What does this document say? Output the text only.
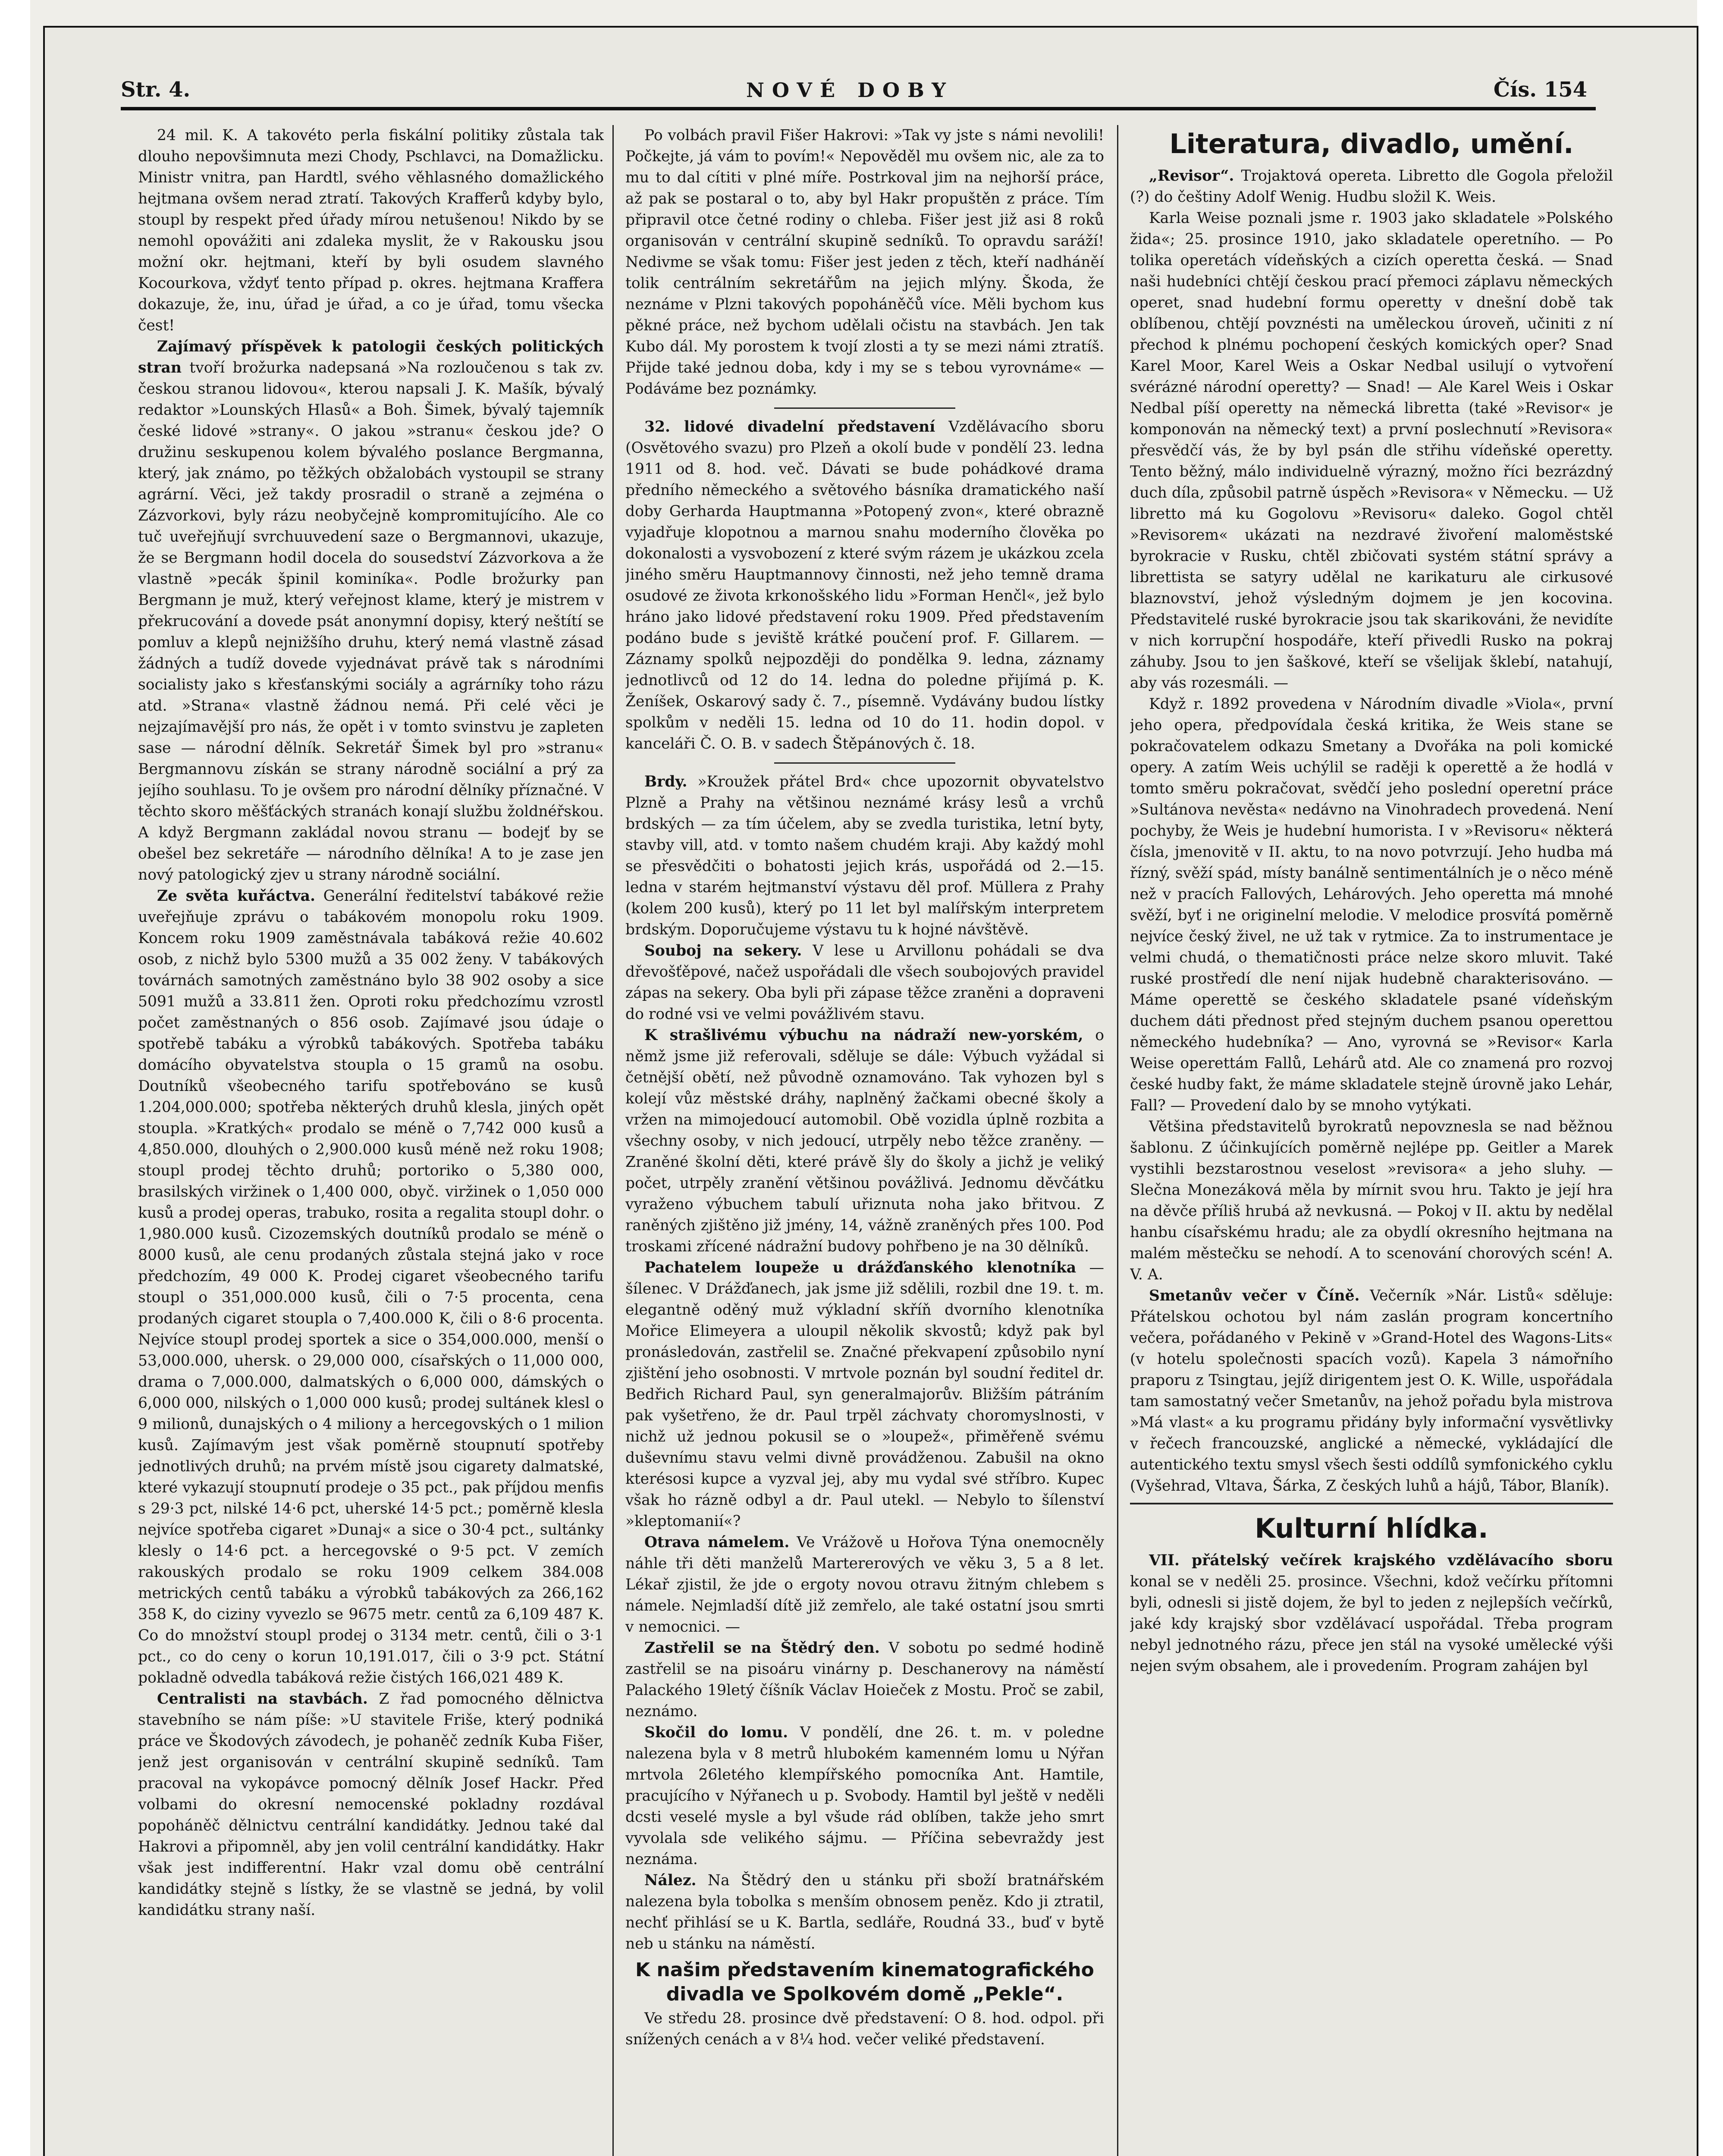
Str. 4.	NOVÉ DOBY	Čís. 154

24 mil. K. A takovéto perla fiskální politiky zůstala tak dlouho nepovšimnuta mezi Chody, Pschlavci, na Domažlicku. Ministr vnitra, pan Hardtl, svého věhlasného domažlického hejtmana ovšem nerad ztratí. Takových Krafferů kdyby bylo, stoupl by respekt před úřady mírou netušenou! Nikdo by se nemohl opovážiti ani zdaleka myslit, že v Rakousku jsou možní okr. hejtmani, kteří by byli osudem slavného Kocourkova, vždyť tento případ p. okres. hejtmana Kraffera dokazuje, že, inu, úřad je úřad, a co je úřad, tomu všecka čest!

Zajímavý příspěvek k patologii českých politických stran tvoří brožurka nadepsaná »Na rozloučenou s tak zv. českou stranou lidovou«, kterou napsali J. K. Mašík, bývalý redaktor »Lounských Hlasů« a Boh. Šimek, bývalý tajemník české lidové »strany«. O jakou »stranu« českou jde? O družinu seskupenou kolem bývalého poslance Bergmanna, který, jak známo, po těžkých obžalobách vystoupil se strany agrární. Věci, jež takdy prosradil o straně a zejména o Zázvorkovi, byly rázu neobyčejně kompromitujícího. Ale co tuč uveřejňují svrchuuvedení saze o Bergmannovi, ukazuje, že se Bergmann hodil docela do sousedství Zázvorkova a že vlastně »pecák špinil kominíka«. Podle brožurky pan Bergmann je muž, který veřejnost klame, který je mistrem v překrucování a dovede psát anonymní dopisy, který neštítí se pomluv a klepů nejnižšího druhu, který nemá vlastně zásad žádných a tudíž dovede vyjednávat právě tak s národními socialisty jako s křesťanskými sociály a agrárníky toho rázu atd. »Strana« vlastně žádnou nemá. Při celé věci je nejzajímavější pro nás, že opět i v tomto svinstvu je zapleten sase — národní dělník. Sekretář Šimek byl pro »stranu« Bergmannovu získán se strany národně sociální a prý za jejího souhlasu. To je ovšem pro národní dělníky příznačné. V těchto skoro měšťáckých stranách konají službu žoldnéřskou. A když Bergmann zakládal novou stranu — bodejť by se obešel bez sekretáře — národního dělníka! A to je zase jen nový patologický zjev u strany národně sociální.

Ze světa kuřáctva. Generální ředitelství tabákové režie uveřejňuje zprávu o tabákovém monopolu roku 1909. Koncem roku 1909 zaměstnávala tabáková režie 40.602 osob, z nichž bylo 5300 mužů a 35 002 ženy. V tabákových továrnách samotných zaměstnáno bylo 38 902 osoby a sice 5091 mužů a 33.811 žen. Oproti roku předchozímu vzrostl počet zaměstnaných o 856 osob. Zajímavé jsou údaje o spotřebě tabáku a výrobků tabákových. Spotřeba tabáku domácího obyvatelstva stoupla o 15 gramů na osobu. Doutníků všeobecného tarifu spotřebováno se kusů 1.204,000.000; spotřeba některých druhů klesla, jiných opět stoupla. »Kratkých« prodalo se méně o 7,742 000 kusů a 4,850.000, dlouhých o 2,900.000 kusů méně než roku 1908; stoupl prodej těchto druhů; portoriko o 5,380 000, brasilských viržinek o 1,400 000, obyč. viržinek o 1,050 000 kusů a prodej operas, trabuko, rosita a regalita stoupl dohr. o 1,980.000 kusů. Cizozemských doutníků prodalo se méně o 8000 kusů, ale cenu prodaných zůstala stejná jako v roce předchozím, 49 000 K. Prodej cigaret všeobecného tarifu stoupl o 351,000.000 kusů, čili o 7·5 procenta, cena prodaných cigaret stoupla o 7,400.000 K, čili o 8·6 procenta. Nejvíce stoupl prodej sportek a sice o 354,000.000, menší o 53,000.000, uhersk. o 29,000 000, císařských o 11,000 000, drama o 7,000.000, dalmatských o 6,000 000, dámských o 6,000 000, nilských o 1,000 000 kusů; prodej sultánek klesl o 9 milionů, dunajských o 4 miliony a hercegovských o 1 milion kusů. Zajímavým jest však poměrně stoupnutí spotřeby jednotlivých druhů; na prvém místě jsou cigarety dalmatské, které vykazují stoupnutí prodeje o 35 pct., pak příjdou menfis s 29·3 pct, nilské 14·6 pct, uherské 14·5 pct.; poměrně klesla nejvíce spotřeba cigaret »Dunaj« a sice o 30·4 pct., sultánky klesly o 14·6 pct. a hercegovské o 9·5 pct. V zemích rakouských prodalo se roku 1909 celkem 384.008 metrických centů tabáku a výrobků tabákových za 266,162 358 K, do ciziny vyvezlo se 9675 metr. centů za 6,109 487 K. Co do množství stoupl prodej o 3134 metr. centů, čili o 3·1 pct., co do ceny o korun 10,191.017, čili o 3·9 pct. Státní pokladně odvedla tabáková režie čistých 166,021 489 K.

Centralisti na stavbách. Z řad pomocného dělnictva stavebního se nám píše: »U stavitele Friše, který podniká práce ve Škodových závodech, je pohaněč zedník Kuba Fišer, jenž jest organisován v centrální skupině sedníků. Tam pracoval na vykopávce pomocný dělník Josef Hackr. Před volbami do okresní nemocenské pokladny rozdával popoháněč dělnictvu centrální kandidátky. Jednou také dal Hakrovi a připomněl, aby jen volil centrální kandidátky. Hakr však jest indifferentní. Hakr vzal domu obě centrální kandidátky stejně s lístky, že se vlastně se jedná, by volil kandidátku strany naší.

Po volbách pravil Fišer Hakrovi: »Tak vy jste s námi nevolili! Počkejte, já vám to povím!« Nepověděl mu ovšem nic, ale za to mu to dal cítiti v plné míře. Postrkoval jim na nejhorší práce, až pak se postaral o to, aby byl Hakr propuštěn z práce. Tím připravil otce četné rodiny o chleba. Fišer jest již asi 8 roků organisován v centrální skupině sedníků. To opravdu saráží! Nedivme se však tomu: Fišer jest jeden z těch, kteří nadháněí tolik centrálním sekretářům na jejich mlýny. Škoda, že neznáme v Plzni takových popoháněčů více. Měli bychom kus pěkné práce, než bychom udělali očistu na stavbách. Jen tak Kubo dál. My porostem k tvojí zlosti a ty se mezi námi ztratíš. Přijde také jednou doba, kdy i my se s tebou vyrovnáme« — Podáváme bez poznámky.

32. lidové divadelní představení Vzdělávacího sboru (Osvětového svazu) pro Plzeň a okolí bude v pondělí 23. ledna 1911 od 8. hod. več. Dávati se bude pohádkové drama předního německého a světového básníka dramatického naší doby Gerharda Hauptmanna »Potopený zvon«, které obrazně vyjadřuje klopotnou a marnou snahu moderního člověka po dokonalosti a vysvobození z které svým rázem je ukázkou zcela jiného směru Hauptmannovy činnosti, než jeho temně drama osudové ze života krkonošského lidu »Forman Henčl«, jež bylo hráno jako lidové představení roku 1909. Před představením podáno bude s jeviště krátké poučení prof. F. Gillarem. — Záznamy spolků nejpozději do pondělka 9. ledna, záznamy jednotlivců od 12 do 14. ledna do poledne přijímá p. K. Ženíšek, Oskarový sady č. 7., písemně. Vydávány budou lístky spolkům v neděli 15. ledna od 10 do 11. hodin dopol. v kanceláři Č. O. B. v sadech Štěpánových č. 18.

Brdy. »Kroužek přátel Brd« chce upozornit obyvatelstvo Plzně a Prahy na většinou neznámé krásy lesů a vrchů brdských — za tím účelem, aby se zvedla turistika, letní byty, stavby vill, atd. v tomto našem chudém kraji. Aby každý mohl se přesvědčiti o bohatosti jejich krás, uspořádá od 2.—15. ledna v starém hejtmanství výstavu děl prof. Müllera z Prahy (kolem 200 kusů), který po 11 let byl malířským interpretem brdským. Doporučujeme výstavu tu k hojné návštěvě.

Souboj na sekery. V lese u Arvillonu pohádali se dva dřevošťěpové, načež uspořádali dle všech soubojových pravidel zápas na sekery. Oba byli při zápase těžce zraněni a dopraveni do rodné vsi ve velmi povážlivém stavu.

K strašlivému výbuchu na nádraží new-yorském, o němž jsme již referovali, sděluje se dále: Výbuch vyžádal si četnější obětí, než původně oznamováno. Tak vyhozen byl s kolejí vůz městské dráhy, naplněný žačkami obecné školy a vržen na mimojedoucí automobil. Obě vozidla úplně rozbita a všechny osoby, v nich jedoucí, utrpěly nebo těžce zraněny. — Zraněné školní děti, které právě šly do školy a jichž je veliký počet, utrpěly zranění většinou povážlivá. Jednomu děvčátku vyraženo výbuchem tabulí uřiznuta noha jako břitvou. Z raněných zjištěno již jmény, 14, vážně zraněných přes 100. Pod troskami zřícené nádražní budovy pohřbeno je na 30 dělníků.

Pachatelem loupeže u drážďanského klenotníka — šílenec. V Drážďanech, jak jsme již sdělili, rozbil dne 19. t. m. elegantně oděný muž výkladní skříň dvorního klenotníka Mořice Elimeyera a uloupil několik skvostů; když pak byl pronásledován, zastřelil se. Značné překvapení způsobilo nyní zjištění jeho osobnosti. V mrtvole poznán byl soudní ředitel dr. Bedřich Richard Paul, syn generalmajorův. Bližším pátráním pak vyšetřeno, že dr. Paul trpěl záchvaty choromyslnosti, v nichž už jednou pokusil se o »loupež«, přiměřeně svému duševnímu stavu velmi divně provádženou. Zabušil na okno kterésosi kupce a vyzval jej, aby mu vydal své stříbro. Kupec však ho rázně odbyl a dr. Paul utekl. — Nebylo to šílenství »kleptomanií«?

Otrava námelem. Ve Vrážově u Hořova Týna onemocněly náhle tři děti manželů Martererových ve věku 3, 5 a 8 let. Lékař zjistil, že jde o ergoty novou otravu žitným chlebem s námele. Nejmladší dítě již zemřelo, ale také ostatní jsou smrti v nemocnici. —

Zastřelil se na Štědrý den. V sobotu po sedmé hodině zastřelil se na pisoáru vinárny p. Deschanerovy na náměstí Palackého 19letý číšník Václav Hoieček z Mostu. Proč se zabil, neznámo.

Skočil do lomu. V pondělí, dne 26. t. m. v poledne nalezena byla v 8 metrů hlubokém kamenném lomu u Nýřan mrtvola 26letého klempířského pomocníka Ant. Hamtile, pracujícího v Nýřanech u p. Svobody. Hamtil byl ještě v neděli dcsti veselé mysle a byl všude rád oblíben, takže jeho smrt vyvolala sde velikého sájmu. — Příčina sebevraždy jest neznáma.

Nález. Na Štědrý den u stánku při sboží bratnářském nalezena byla tobolka s menším obnosem peněz. Kdo ji ztratil, nechť přihlásí se u K. Bartla, sedláře, Roudná 33., buď v bytě neb u stánku na náměstí.

K našim představením kinematografického divadla ve Spolkovém domě „Pekle“.

Ve středu 28. prosince dvě představení: O 8. hod. odpol. při snížených cenách a v 8¼ hod. večer veliké představení.

Literatura, divadlo, umění.

„Revisor“. Trojaktová opereta. Libretto dle Gogola přeložil (?) do češtiny Adolf Wenig. Hudbu složil K. Weis.

Karla Weise poznali jsme r. 1903 jako skladatele »Polského žida«; 25. prosince 1910, jako skladatele operetního. — Po tolika operetách vídeňských a cizích operetta česká. — Snad naši hudebníci chtějí českou prací přemoci záplavu německých operet, snad hudební formu operetty v dnešní době tak oblíbenou, chtějí povznésti na uměleckou úroveň, učiniti z ní přechod k plnému pochopení českých komických oper? Snad Karel Moor, Karel Weis a Oskar Nedbal usilují o vytvoření svérázné národní operetty? — Snad! — Ale Karel Weis i Oskar Nedbal píší operetty na německá libretta (také »Revisor« je komponován na německý text) a první poslechnutí »Revisora« přesvědčí vás, že by byl psán dle střihu vídeňské operetty. Tento běžný, málo individuelně výrazný, možno říci bezrázdný duch díla, způsobil patrně úspěch »Revisora« v Německu. — Už libretto má ku Gogolovu »Revisoru« daleko. Gogol chtěl »Revisorem« ukázati na nezdravé živoření maloměstské byrokracie v Rusku, chtěl zbičovati systém státní správy a librettista se satyry udělal ne karikaturu ale cirkusové blaznovství, jehož výsledným dojmem je jen kocovina. Představitelé ruské byrokracie jsou tak skarikováni, že nevidíte v nich korrupční hospodáře, kteří přivedli Rusko na pokraj záhuby. Jsou to jen šaškové, kteří se všelijak šklebí, natahují, aby vás rozesmáli. —

Když r. 1892 provedena v Národním divadle »Viola«, první jeho opera, předpovídala česká kritika, že Weis stane se pokračovatelem odkazu Smetany a Dvořáka na poli komické opery. A zatím Weis uchýlil se raději k operettě a že hodlá v tomto směru pokračovat, svědčí jeho poslední operetní práce »Sultánova nevěsta« nedávno na Vinohradech provedená. Není pochyby, že Weis je hudební humorista. I v »Revisoru« některá čísla, jmenovitě v II. aktu, to na novo potvrzují. Jeho hudba má řízný, svěží spád, místy banálně sentimentálních je o něco méně než v pracích Fallových, Lehárových. Jeho operetta má mnohé svěží, byť i ne originelní melodie. V melodice prosvítá poměrně nejvíce český živel, ne už tak v rytmice. Za to instrumentace je velmi chudá, o thematičnosti práce nelze skoro mluvit. Také ruské prostředí dle není nijak hudebně charakterisováno. — Máme operettě se českého skladatele psané vídeňským duchem dáti přednost před stejným duchem psanou operettou německého hudebníka? — Ano, vyrovná se »Revisor« Karla Weise operettám Fallů, Lehárů atd. Ale co znamená pro rozvoj české hudby fakt, že máme skladatele stejně úrovně jako Lehár, Fall? — Provedení dalo by se mnoho vytýkati.

Většina představitelů byrokratů nepovznesla se nad běžnou šablonu. Z účinkujících poměrně nejlépe pp. Geitler a Marek vystihli bezstarostnou veselost »revisora« a jeho sluhy. — Slečna Monezáková měla by mírnit svou hru. Takto je její hra na děvče příliš hrubá až nevkusná. — Pokoj v II. aktu by nedělal hanbu císařskému hradu; ale za obydlí okresního hejtmana na malém městečku se nehodí. A to scenování chorových scén! A. V. A.

Smetanův večer v Číně. Večerník »Nár. Listů« sděluje: Přátelskou ochotou byl nám zaslán program koncertního večera, pořádaného v Pekině v »Grand-Hotel des Wagons-Lits« (v hotelu společnosti spacích vozů). Kapela 3 námořního praporu z Tsingtau, jejíž dirigentem jest O. K. Wille, uspořádala tam samostatný večer Smetanův, na jehož pořadu byla mistrova »Má vlast« a ku programu přidány byly informační vysvětlivky v řečech francouzské, anglické a německé, vykládající dle autentického textu smysl všech šesti oddílů symfonického cyklu (Vyšehrad, Vltava, Šárka, Z českých luhů a hájů, Tábor, Blaník).

Kulturní hlídka.

VII. přátelský večírek krajského vzdělávacího sboru konal se v neděli 25. prosince. Všechni, kdož večírku přítomni byli, odnesli si jistě dojem, že byl to jeden z nejlepších večírků, jaké kdy krajský sbor vzdělávací uspořádal. Třeba program nebyl jednotného rázu, přece jen stál na vysoké umělecké výši nejen svým obsahem, ale i provedením. Program zahájen byl
